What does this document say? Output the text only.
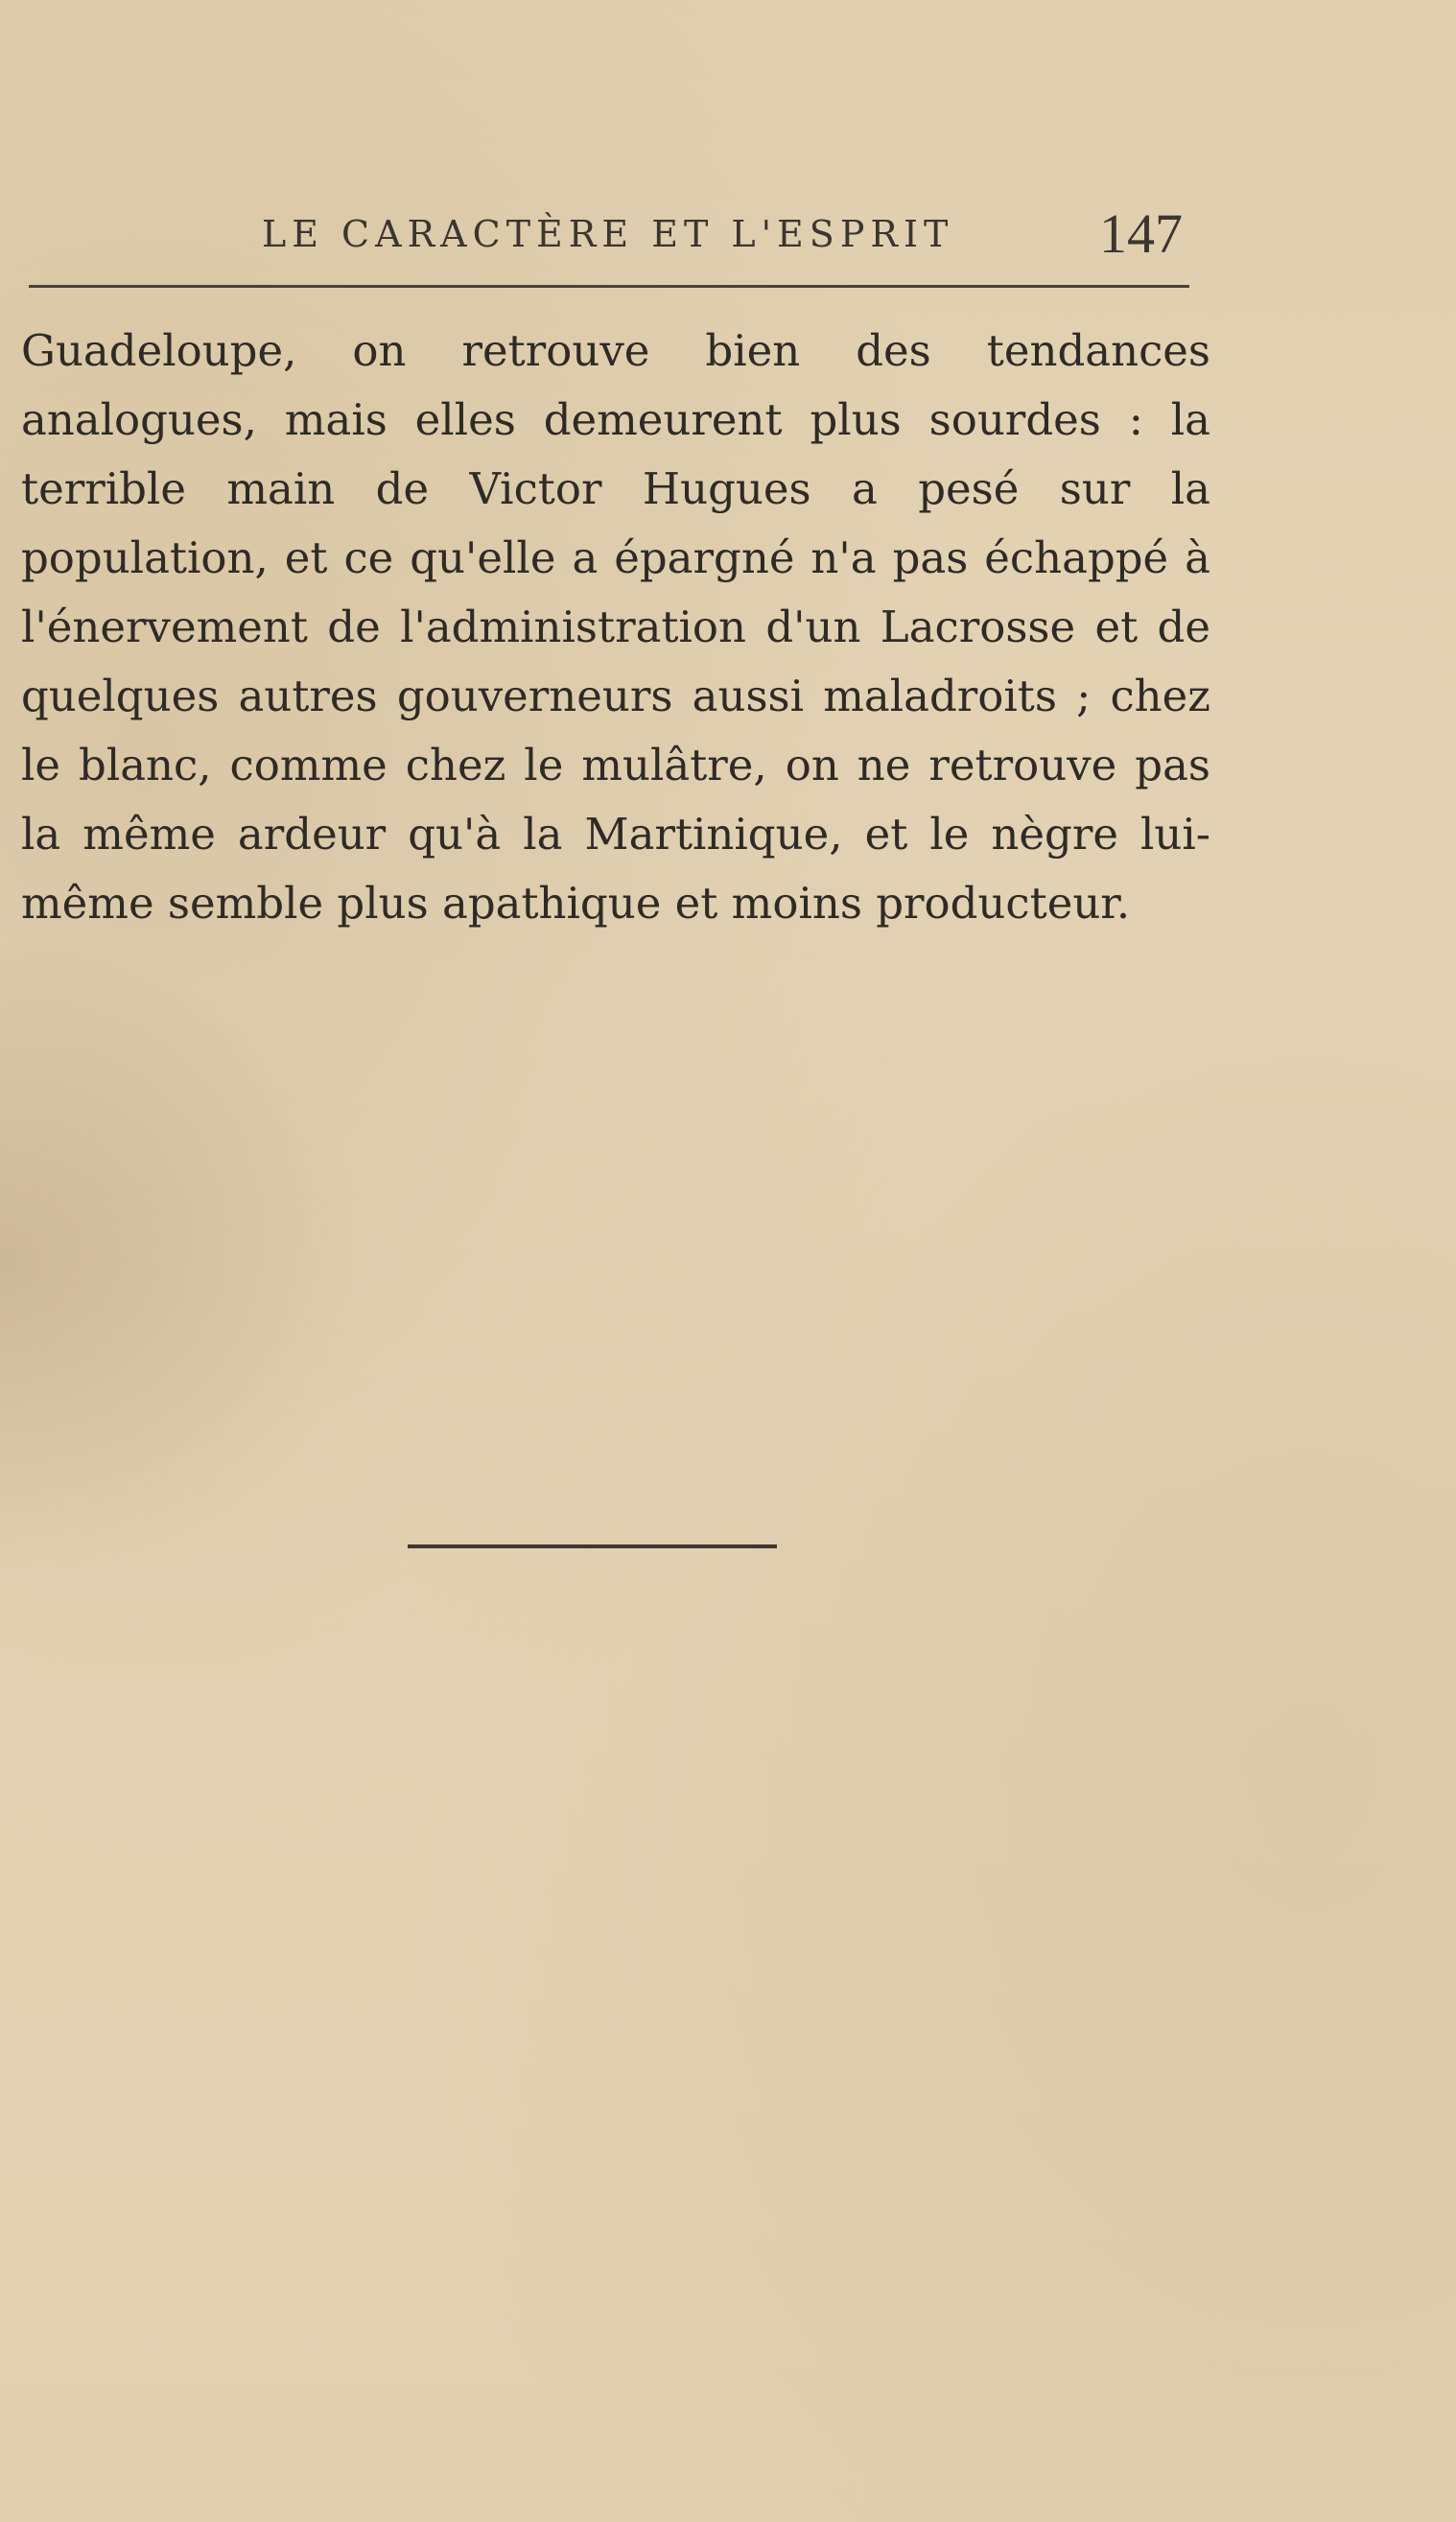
LE CARACTÈRE ET L'ESPRIT	147

Guadeloupe, on retrouve bien des tendances analogues, mais elles demeurent plus sourdes : la terrible main de Victor Hugues a pesé sur la population, et ce qu'elle a épargné n'a pas échappé à l'énervement de l'administration d'un Lacrosse et de quelques autres gouverneurs aussi maladroits ; chez le blanc, comme chez le mulâtre, on ne retrouve pas la même ardeur qu'à la Martinique, et le nègre lui-même semble plus apathique et moins producteur.
